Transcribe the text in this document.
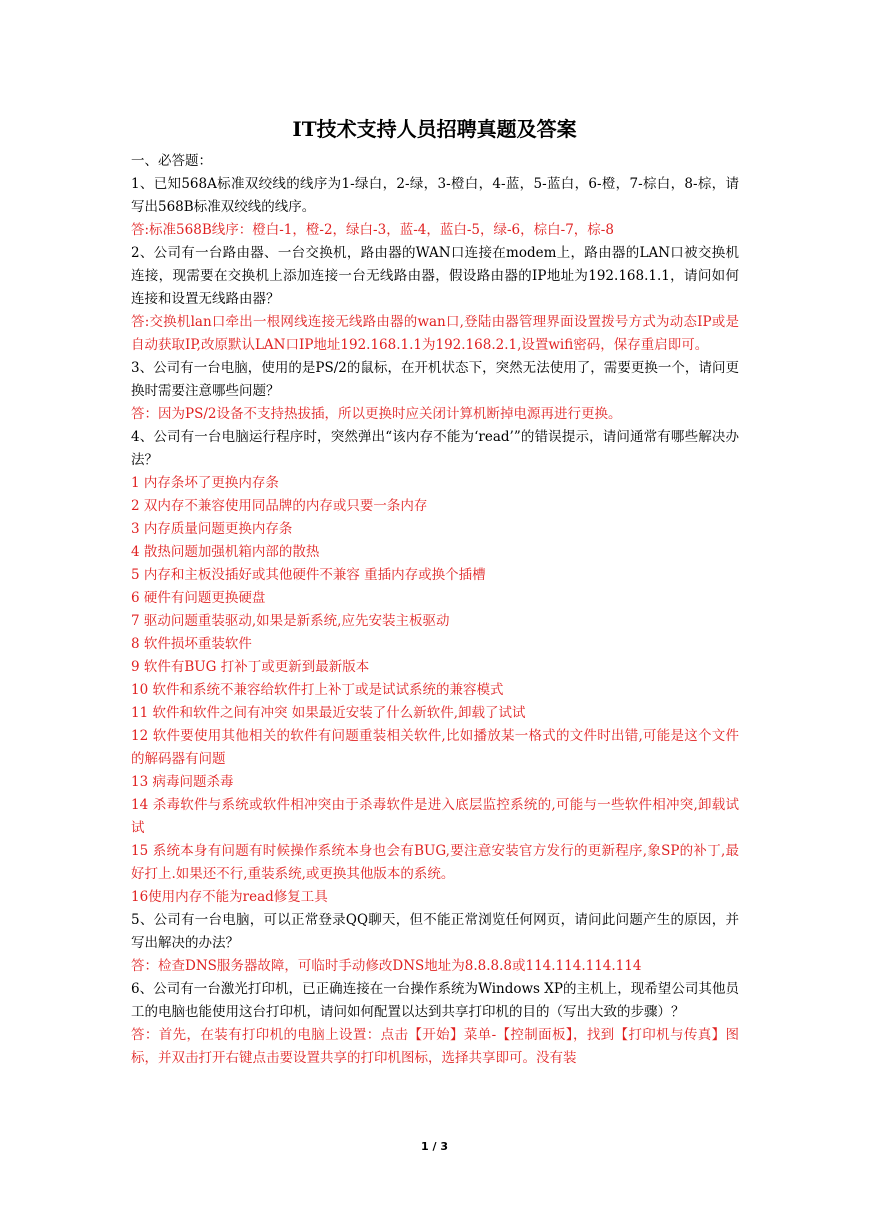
IT技术支持人员招聘真题及答案

一、必答题：

1、已知568A标准双绞线的线序为1-绿白，2-绿，3-橙白，4-蓝，5-蓝白，6-橙，7-棕白，8-棕，请写出568B标准双绞线的线序。

答:标准568B线序：橙白-1，橙-2，绿白-3，蓝-4，蓝白-5，绿-6，棕白-7，棕-8

2、公司有一台路由器、一台交换机，路由器的WAN口连接在modem上，路由器的LAN口被交换机连接，现需要在交换机上添加连接一台无线路由器，假设路由器的IP地址为192.168.1.1，请问如何连接和设置无线路由器？

答:交换机lan口牵出一根网线连接无线路由器的wan口,登陆由器管理界面设置拨号方式为动态IP或是自动获取IP,改原默认LAN口IP地址192.168.1.1为192.168.2.1,设置wifi密码，保存重启即可。

3、公司有一台电脑，使用的是PS/2的鼠标，在开机状态下，突然无法使用了，需要更换一个，请问更换时需要注意哪些问题？

答：因为PS/2设备不支持热拔插，所以更换时应关闭计算机断掉电源再进行更换。

4、公司有一台电脑运行程序时，突然弹出“该内存不能为‘read’”的错误提示，请问通常有哪些解决办法？

1 内存条坏了更换内存条

2 双内存不兼容使用同品牌的内存或只要一条内存

3 内存质量问题更换内存条

4 散热问题加强机箱内部的散热

5 内存和主板没插好或其他硬件不兼容 重插内存或换个插槽

6 硬件有问题更换硬盘

7 驱动问题重装驱动,如果是新系统,应先安装主板驱动

8 软件损坏重装软件

9 软件有BUG 打补丁或更新到最新版本

10 软件和系统不兼容给软件打上补丁或是试试系统的兼容模式

11 软件和软件之间有冲突 如果最近安装了什么新软件,卸载了试试

12 软件要使用其他相关的软件有问题重装相关软件,比如播放某一格式的文件时出错,可能是这个文件的解码器有问题

13 病毒问题杀毒

14 杀毒软件与系统或软件相冲突由于杀毒软件是进入底层监控系统的,可能与一些软件相冲突,卸载试试

15 系统本身有问题有时候操作系统本身也会有BUG,要注意安装官方发行的更新程序,象SP的补丁,最好打上.如果还不行,重装系统,或更换其他版本的系统。

16使用内存不能为read修复工具

5、公司有一台电脑，可以正常登录QQ聊天，但不能正常浏览任何网页，请问此问题产生的原因，并写出解决的办法？

答：检查DNS服务器故障，可临时手动修改DNS地址为8.8.8.8或114.114.114.114

6、公司有一台激光打印机，已正确连接在一台操作系统为Windows XP的主机上，现希望公司其他员工的电脑也能使用这台打印机，请问如何配置以达到共享打印机的目的（写出大致的步骤）？

答：首先，在装有打印机的电脑上设置：点击【开始】菜单-【控制面板】，找到【打印机与传真】图标，并双击打开右键点击要设置共享的打印机图标，选择共享即可。没有装

1 / 3
